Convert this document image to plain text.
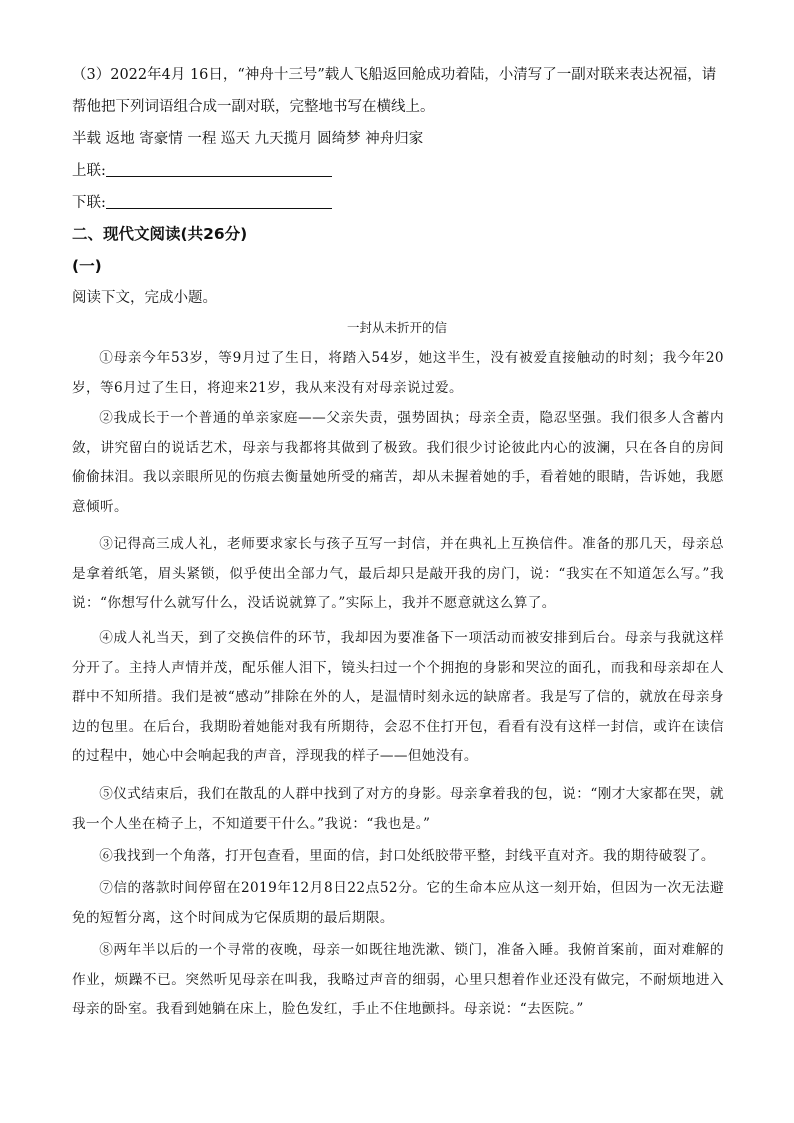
（3）2022年4月 16日，“神舟十三号”载人飞船返回舱成功着陆，小清写了一副对联来表达祝福，请
帮他把下列词语组合成一副对联，完整地书写在横线上。
半载 返地 寄豪情 一程 巡天 九天揽月 圆绮梦 神舟归家
上联:
下联:
二、现代文阅读(共26分)
(一)
阅读下文，完成小题。
一封从未折开的信
①母亲今年53岁，等9月过了生日，将踏入54岁，她这半生，没有被爱直接触动的时刻；我今年20岁，等6月过了生日，将迎来21岁，我从来没有对母亲说过爱。
②我成长于一个普通的单亲家庭——父亲失责，强势固执；母亲全责，隐忍坚强。我们很多人含蓄内敛，讲究留白的说话艺术，母亲与我都将其做到了极致。我们很少讨论彼此内心的波澜，只在各自的房间偷偷抹泪。我以亲眼所见的伤痕去衡量她所受的痛苦，却从未握着她的手，看着她的眼睛，告诉她，我愿意倾听。
③记得高三成人礼，老师要求家长与孩子互写一封信，并在典礼上互换信件。准备的那几天，母亲总是拿着纸笔，眉头紧锁，似乎使出全部力气，最后却只是敲开我的房门，说：“我实在不知道怎么写。”我说：“你想写什么就写什么，没话说就算了。”实际上，我并不愿意就这么算了。
④成人礼当天，到了交换信件的环节，我却因为要准备下一项活动而被安排到后台。母亲与我就这样分开了。主持人声情并茂，配乐催人泪下，镜头扫过一个个拥抱的身影和哭泣的面孔，而我和母亲却在人群中不知所措。我们是被“感动”排除在外的人，是温情时刻永远的缺席者。我是写了信的，就放在母亲身边的包里。在后台，我期盼着她能对我有所期待，会忍不住打开包，看看有没有这样一封信，或许在读信的过程中，她心中会响起我的声音，浮现我的样子——但她没有。
⑤仪式结束后，我们在散乱的人群中找到了对方的身影。母亲拿着我的包，说：“刚才大家都在哭，就我一个人坐在椅子上，不知道要干什么。”我说：“我也是。”
⑥我找到一个角落，打开包查看，里面的信，封口处纸胶带平整，封线平直对齐。我的期待破裂了。
⑦信的落款时间停留在2019年12月8日22点52分。它的生命本应从这一刻开始，但因为一次无法避免的短暂分离，这个时间成为它保质期的最后期限。
⑧两年半以后的一个寻常的夜晚，母亲一如既往地洗漱、锁门，准备入睡。我俯首案前，面对难解的作业，烦躁不已。突然听见母亲在叫我，我略过声音的细弱，心里只想着作业还没有做完，不耐烦地进入母亲的卧室。我看到她躺在床上，脸色发红，手止不住地颤抖。母亲说：“去医院。”
